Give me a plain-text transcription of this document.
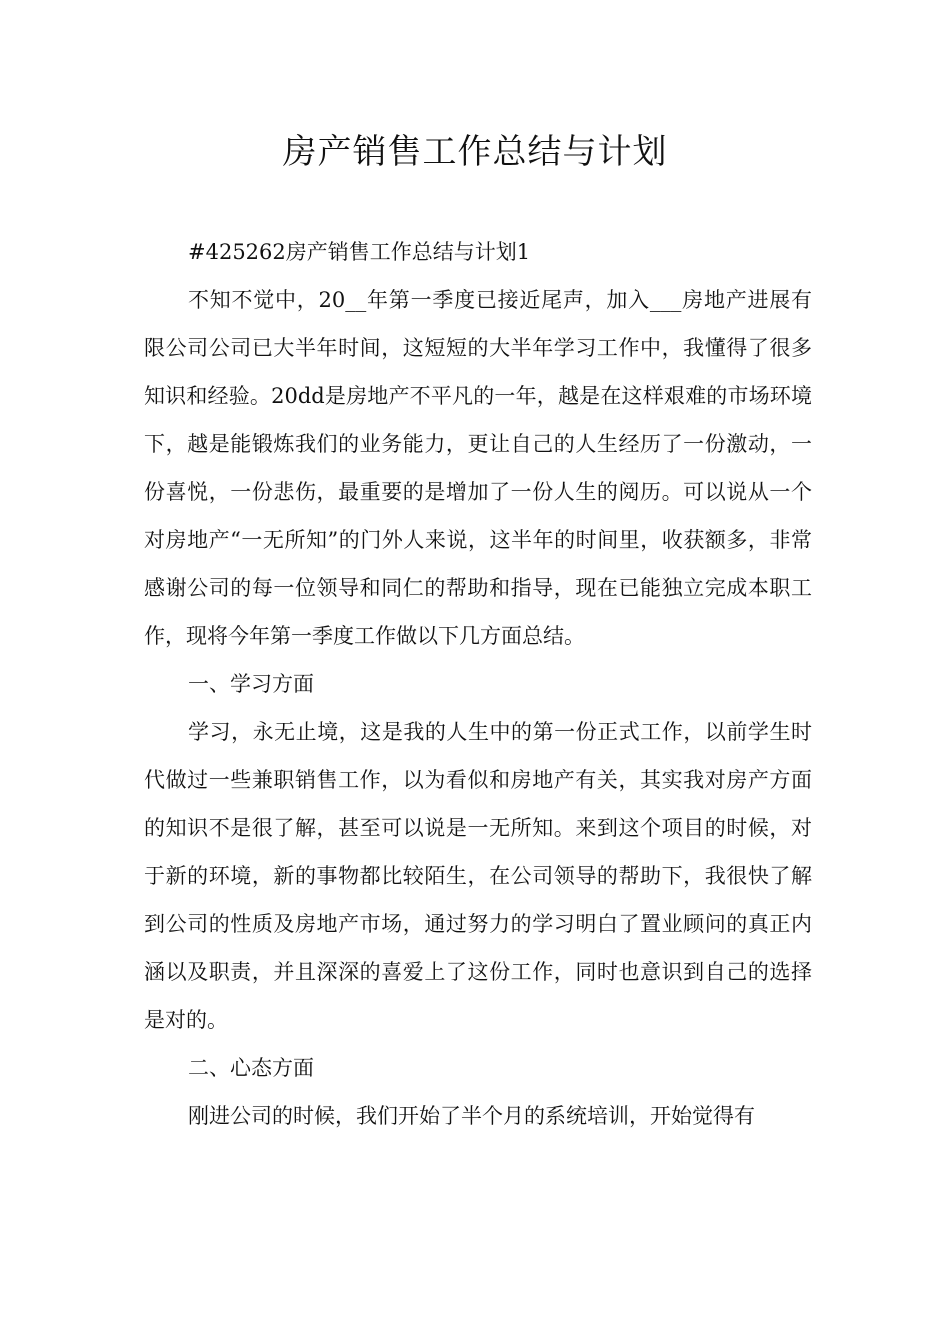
房产销售工作总结与计划

#425262房产销售工作总结与计划1

不知不觉中，20__年第一季度已接近尾声，加入___房地产进展有限公司公司已大半年时间，这短短的大半年学习工作中，我懂得了很多知识和经验。20dd是房地产不平凡的一年，越是在这样艰难的市场环境下，越是能锻炼我们的业务能力，更让自己的人生经历了一份激动，一份喜悦，一份悲伤，最重要的是增加了一份人生的阅历。可以说从一个对房地产“一无所知”的门外人来说，这半年的时间里，收获额多，非常感谢公司的每一位领导和同仁的帮助和指导，现在已能独立完成本职工作，现将今年第一季度工作做以下几方面总结。

一、学习方面

学习，永无止境，这是我的人生中的第一份正式工作，以前学生时代做过一些兼职销售工作，以为看似和房地产有关，其实我对房产方面的知识不是很了解，甚至可以说是一无所知。来到这个项目的时候，对于新的环境，新的事物都比较陌生，在公司领导的帮助下，我很快了解到公司的性质及房地产市场，通过努力的学习明白了置业顾问的真正内涵以及职责，并且深深的喜爱上了这份工作，同时也意识到自己的选择是对的。

二、心态方面

刚进公司的时候，我们开始了半个月的系统培训，开始觉得有
